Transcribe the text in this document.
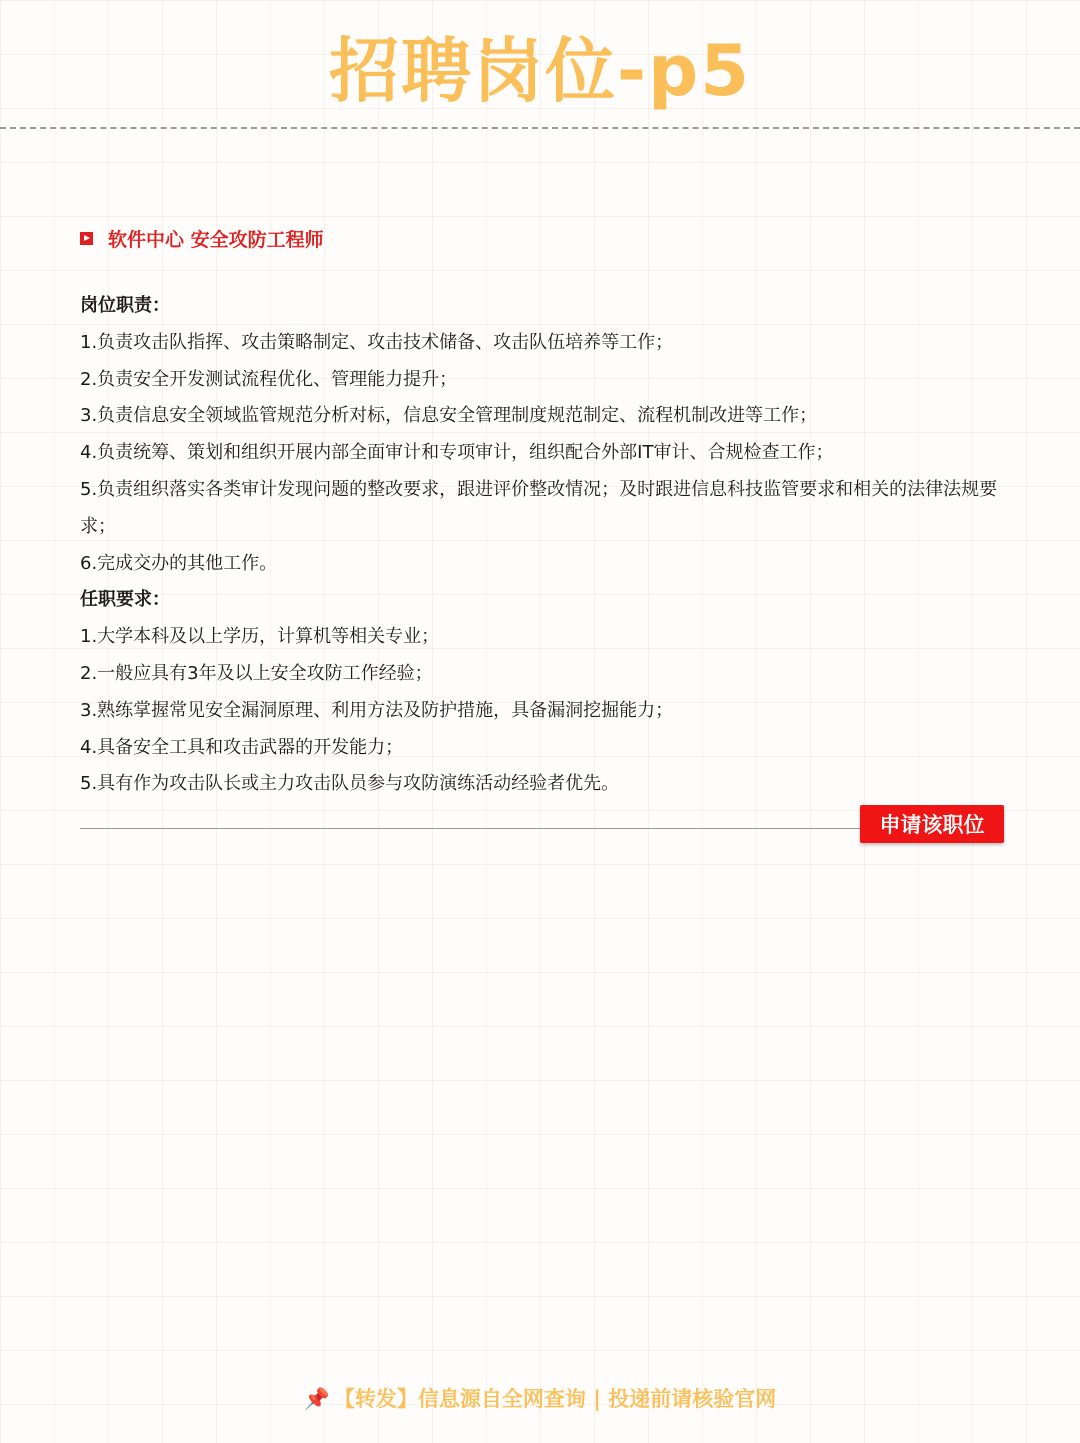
招聘岗位-p5
软件中心 安全攻防工程师
岗位职责：
1.负责攻击队指挥、攻击策略制定、攻击技术储备、攻击队伍培养等工作；
2.负责安全开发测试流程优化、管理能力提升；
3.负责信息安全领域监管规范分析对标，信息安全管理制度规范制定、流程机制改进等工作；
4.负责统筹、策划和组织开展内部全面审计和专项审计，组织配合外部IT审计、合规检查工作；
5.负责组织落实各类审计发现问题的整改要求，跟进评价整改情况；及时跟进信息科技监管要求和相关的法律法规要求；
6.完成交办的其他工作。
任职要求：
1.大学本科及以上学历，计算机等相关专业；
2.一般应具有3年及以上安全攻防工作经验；
3.熟练掌握常见安全漏洞原理、利用方法及防护措施，具备漏洞挖掘能力；
4.具备安全工具和攻击武器的开发能力；
5.具有作为攻击队长或主力攻击队员参与攻防演练活动经验者优先。
申请该职位
📌 【转发】信息源自全网查询 | 投递前请核验官网
